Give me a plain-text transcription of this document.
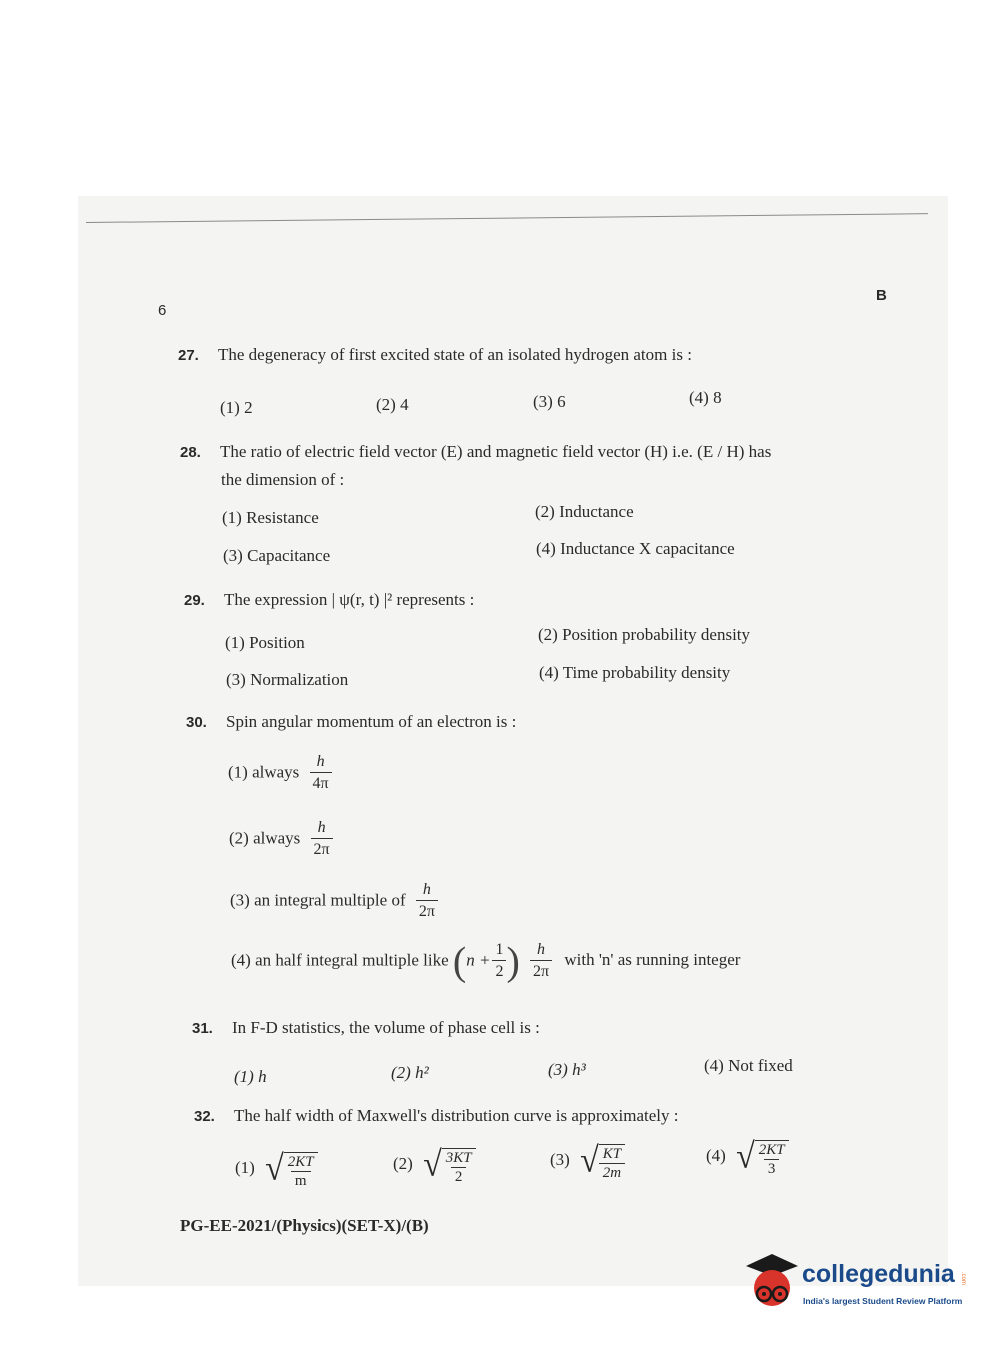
6
B
27. The degeneracy of first excited state of an isolated hydrogen atom is :
(1) 2	(2) 4	(3) 6	(4) 8
28. The ratio of electric field vector (E) and magnetic field vector (H) i.e. (E / H) has
the dimension of :
(1) Resistance	(2) Inductance
(3) Capacitance	(4) Inductance X capacitance
29. The expression | ψ(r, t) |² represents :
(1) Position	(2) Position probability density
(3) Normalization	(4) Time probability density
30. Spin angular momentum of an electron is :
(1) always $\frac{h}{4\pi}$
(2) always $\frac{h}{2\pi}$
(3) an integral multiple of $\frac{h}{2\pi}$
(4) an half integral multiple like ($n + \frac{1}{2}$ ) $\frac{h}{2\pi}$ with 'n' as running integer
31. In F-D statistics, the volume of phase cell is :
(1) h	(2) h²	(3) h³	(4) Not fixed
32. The half width of Maxwell's distribution curve is approximately :
(1) √ $\frac{2KT}{m}$	(2) √ $\frac{3KT}{2}$	(3) √ $\frac{KT}{2m}$	(4) √ $\frac{2KT}{3}$
PG-EE-2021/(Physics)(SET-X)/(B)
collegedunia .com
India's largest Student Review Platform
